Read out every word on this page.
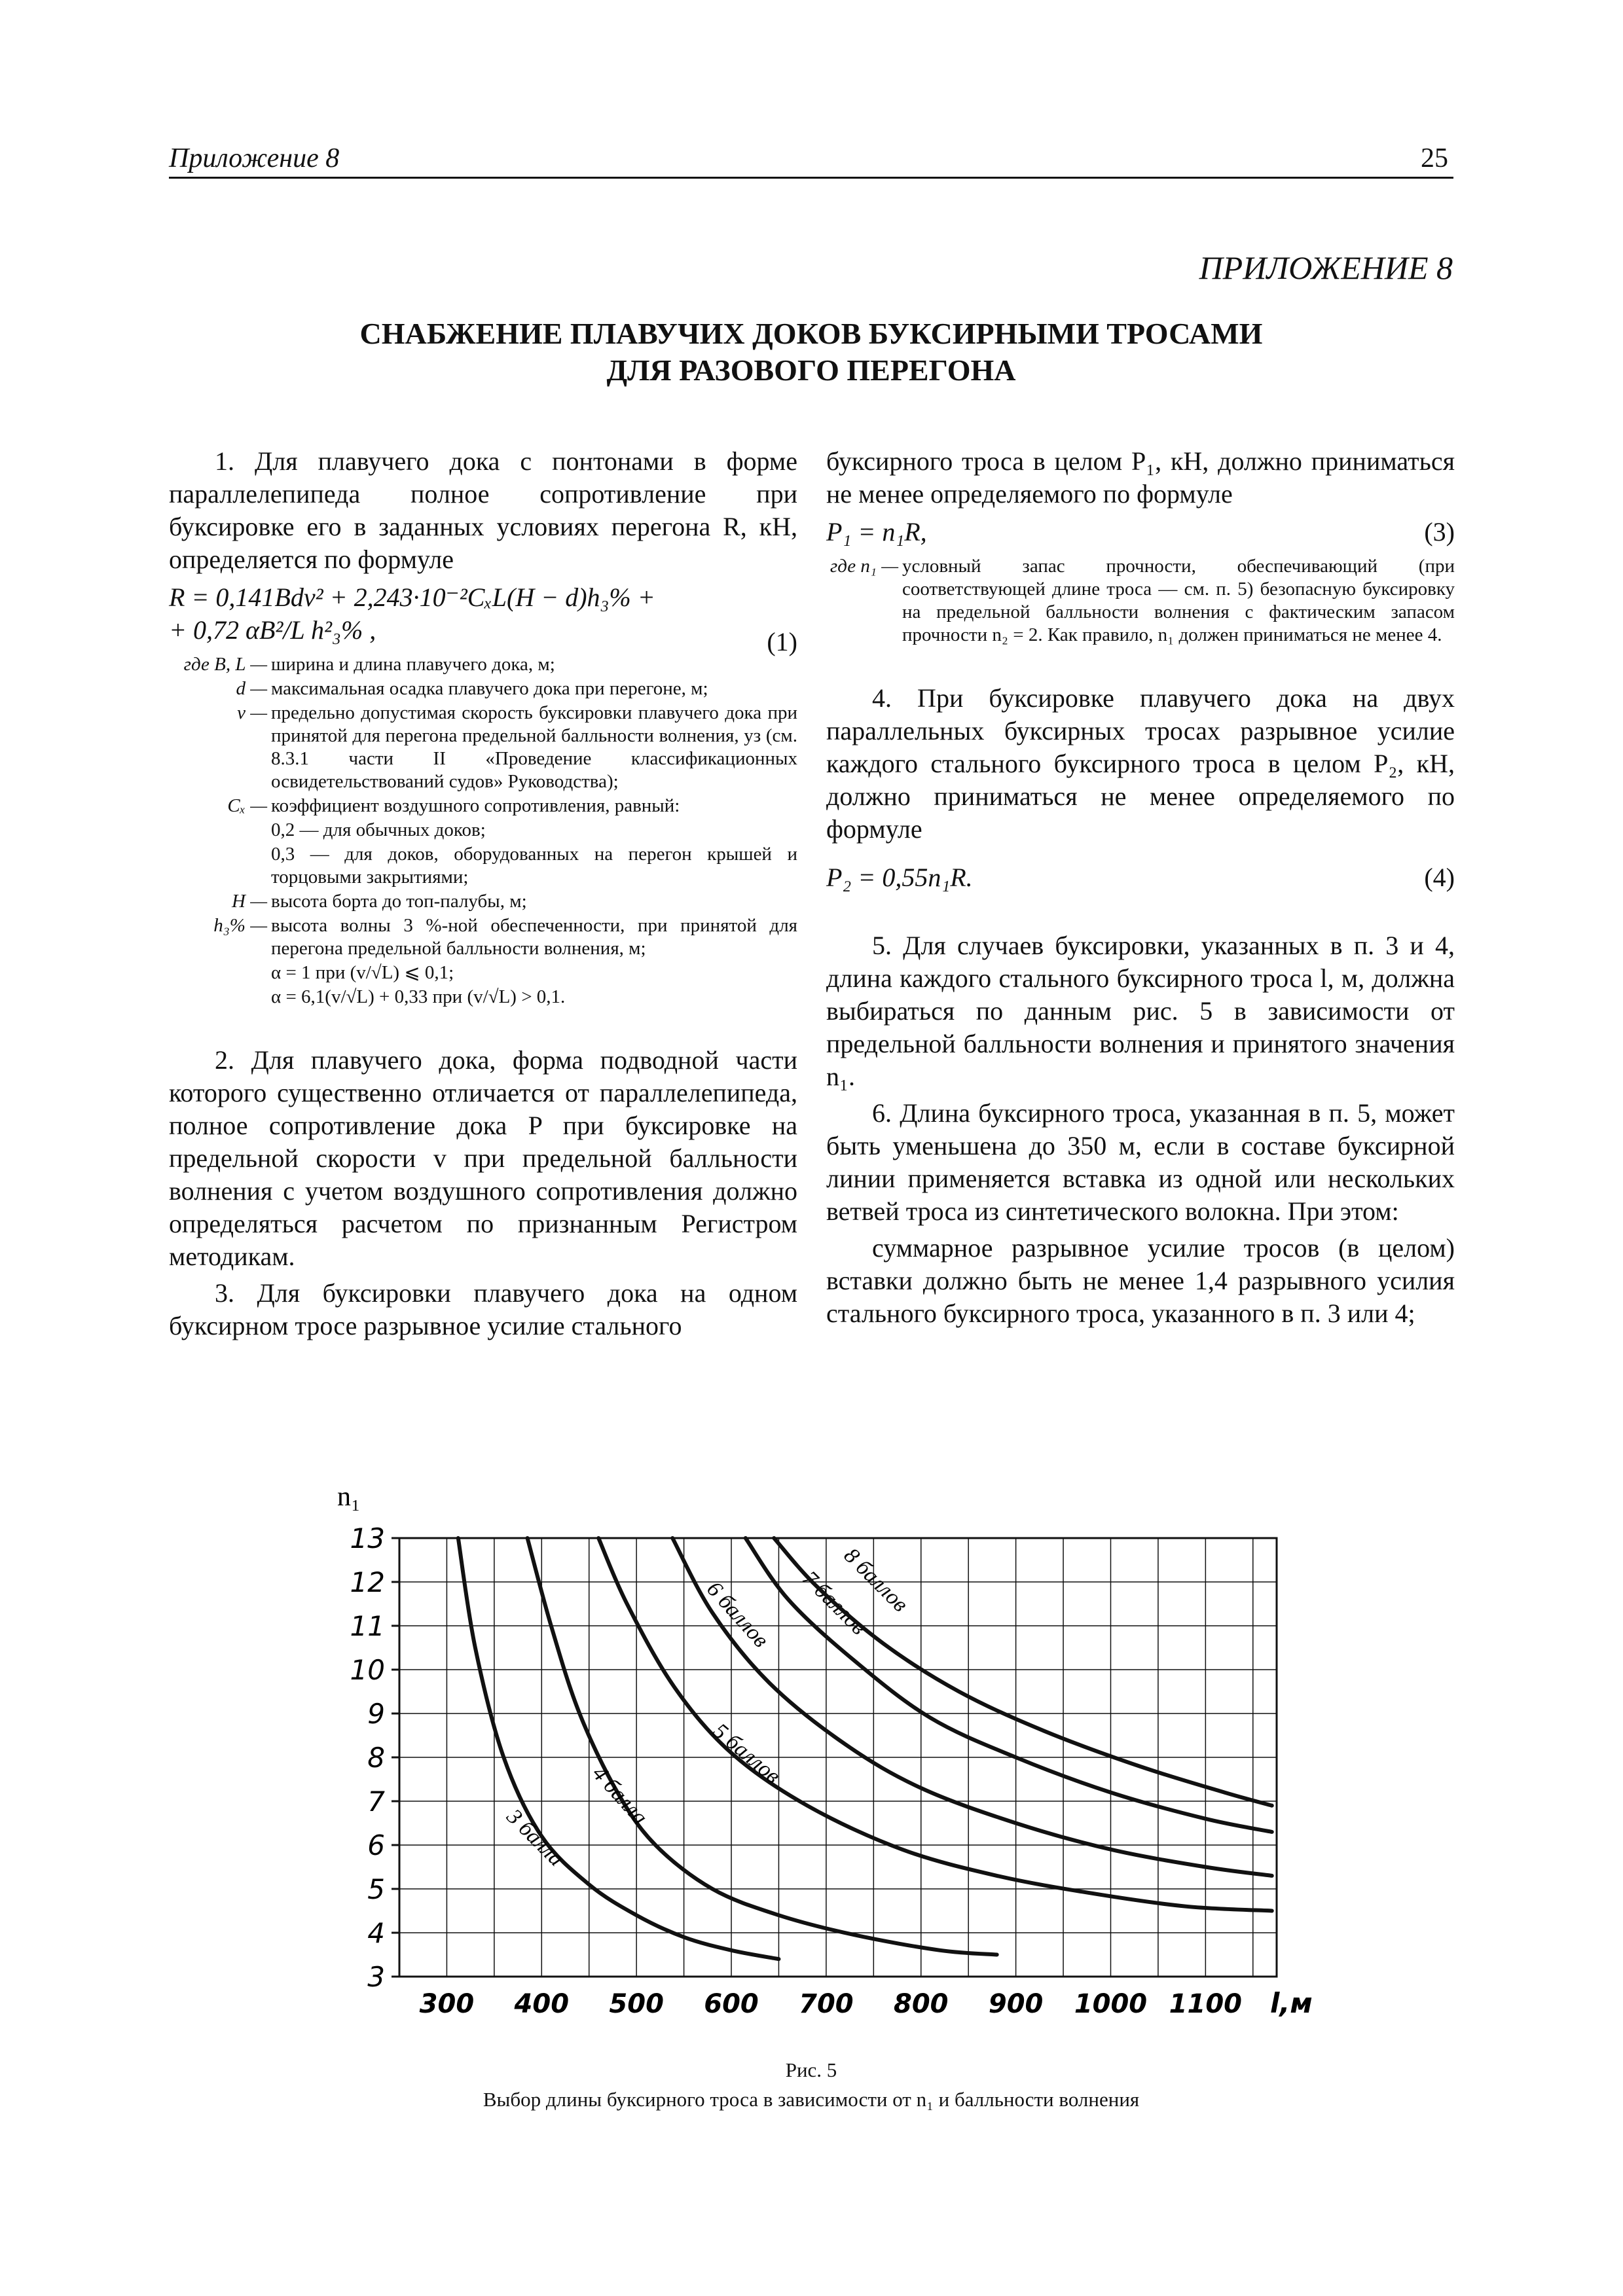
Приложение 8	25
ПРИЛОЖЕНИЕ 8
СНАБЖЕНИЕ ПЛАВУЧИХ ДОКОВ БУКСИРНЫМИ ТРОСАМИ
ДЛЯ РАЗОВОГО ПЕРЕГОНА

1. Для плавучего дока с понтонами в форме параллелепипеда полное сопротивление при буксировке его в заданных условиях перегона R, кН, определяется по формуле

R = 0,141Bdv² + 2,243·10⁻²CₓL(H − d)h₃% +
+ 0,72 αB²/L h²₃% ,	(1)
где B, L — ширина и длина плавучего дока, м;
d — максимальная осадка плавучего дока при перегоне, м;
v — предельно допустимая скорость буксировки плавучего дока при принятой для перегона предельной балльности волнения, уз (см. 8.3.1 части II «Проведение классификационных освидетельствований судов» Руководства);
Cₓ — коэффициент воздушного сопротивления, равный:
0,2 — для обычных доков;
0,3 — для доков, оборудованных на перегон крышей и торцовыми закрытиями;
H — высота борта до топ-палубы, м;
h₃% — высота волны 3 %-ной обеспеченности, при принятой для перегона предельной балльности волнения, м;
α = 1 при (v/√L) ⩽ 0,1;
α = 6,1(v/√L) + 0,33 при (v/√L) > 0,1.

2. Для плавучего дока, форма подводной части которого существенно отличается от параллелепипеда, полное сопротивление дока P при буксировке на предельной скорости v при предельной балльности волнения с учетом воздушного сопротивления должно определяться расчетом по признанным Регистром методикам.

3. Для буксировки плавучего дока на одном буксирном тросе разрывное усилие стального

буксирного троса в целом P₁, кН, должно приниматься не менее определяемого по формуле

P₁ = n₁R,	(3)
где n₁ — условный запас прочности, обеспечивающий (при соответствующей длине троса — см. п. 5) безопасную буксировку на предельной балльности волнения с фактическим запасом прочности n₂ = 2. Как правило, n₁ должен приниматься не менее 4.

4. При буксировке плавучего дока на двух параллельных буксирных тросах разрывное усилие каждого стального буксирного троса в целом P₂, кН, должно приниматься не менее определяемого по формуле

P₂ = 0,55n₁R.	(4)

5. Для случаев буксировки, указанных в п. 3 и 4, длина каждого стального буксирного троса l, м, должна выбираться по данным рис. 5 в зависимости от предельной балльности волнения и принятого значения n₁.

6. Длина буксирного троса, указанная в п. 5, может быть уменьшена до 350 м, если в составе буксирной линии применяется вставка из одной или нескольких ветвей троса из синтетического волокна. При этом:

суммарное разрывное усилие тросов (в целом) вставки должно быть не менее 1,4 разрывного усилия стального буксирного троса, указанного в п. 3 или 4;

13
12
11
10
9
8
7
6
5
4
3
300 400 500 600 700 800 900 1000 1100
n₁
l,м
3 балла
4 балла
5 баллов
6 баллов 7 баллов
8 баллов
Рис. 5
Выбор длины буксирного троса в зависимости от n₁ и балльности волнения
